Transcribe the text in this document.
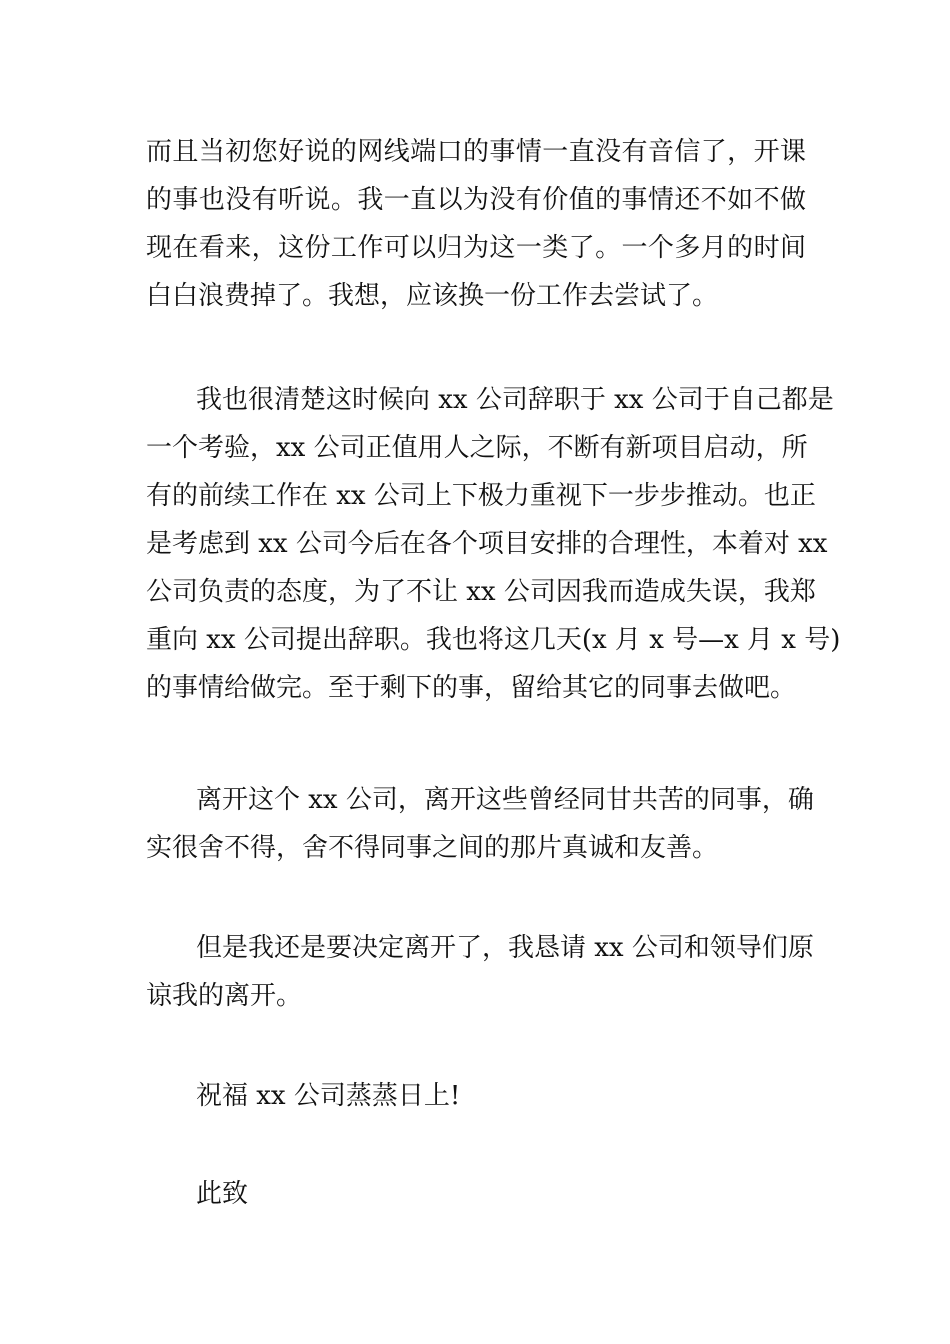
而且当初您好说的网线端口的事情一直没有音信了，开课
的事也没有听说。我一直以为没有价值的事情还不如不做
现在看来，这份工作可以归为这一类了。一个多月的时间
白白浪费掉了。我想，应该换一份工作去尝试了。
我也很清楚这时候向 xx 公司辞职于 xx 公司于自己都是
一个考验，xx 公司正值用人之际，不断有新项目启动，所
有的前续工作在 xx 公司上下极力重视下一步步推动。也正
是考虑到 xx 公司今后在各个项目安排的合理性，本着对 xx
公司负责的态度，为了不让 xx 公司因我而造成失误，我郑
重向 xx 公司提出辞职。我也将这几天(x 月 x 号—x 月 x 号)
的事情给做完。至于剩下的事，留给其它的同事去做吧。
离开这个 xx 公司，离开这些曾经同甘共苦的同事，确
实很舍不得，舍不得同事之间的那片真诚和友善。
但是我还是要决定离开了，我恳请 xx 公司和领导们原
谅我的离开。
祝福 xx 公司蒸蒸日上!
此致
